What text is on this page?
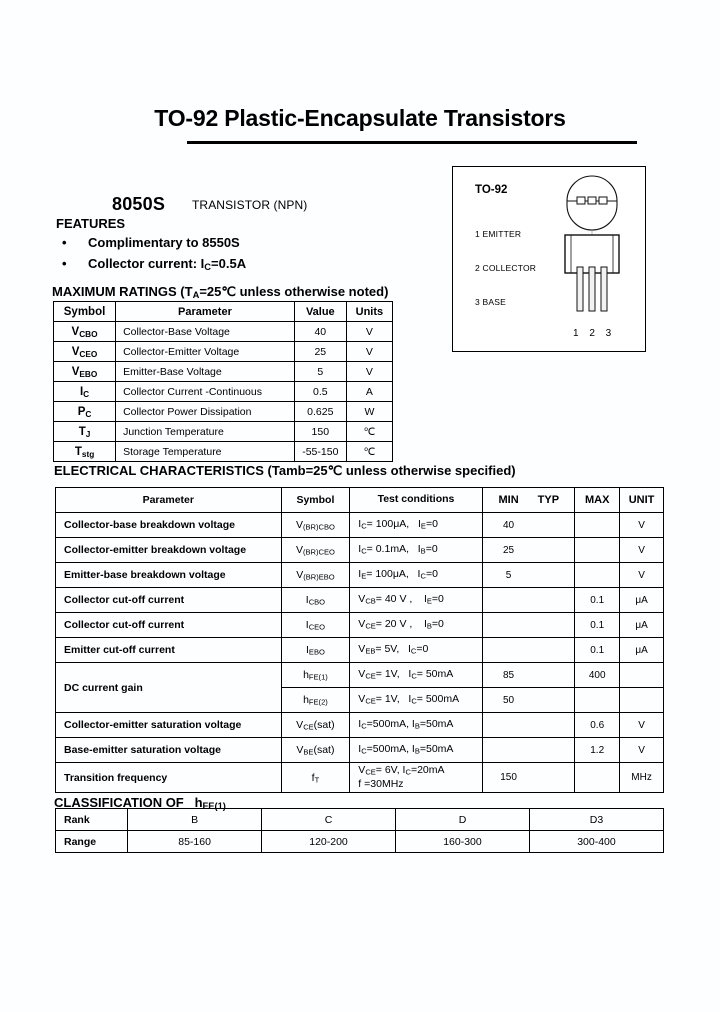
TO-92 Plastic-Encapsulate Transistors
8050S TRANSISTOR (NPN)
FEATURES
• Complimentary to 8550S
• Collector current: $I_C=0.5A$
TO-92
1 EMITTER
2 COLLECTOR
3 BASE
1 2 3
MAXIMUM RATINGS ($T_A=25℃$ unless otherwise noted)
Symbol	Parameter	Value	Units
$V_{CBO}$	Collector-Base Voltage	40	V
$V_{CEO}$	Collector-Emitter Voltage	25	V
$V_{EBO}$	Emitter-Base Voltage	5	V
$I_C$	Collector Current -Continuous	0.5	A
$P_C$	Collector Power Dissipation	0.625	W
$T_J$	Junction Temperature	150	℃
$T_{stg}$	Storage Temperature	-55-150	℃
ELECTRICAL CHARACTERISTICS (Tamb=25℃ unless otherwise specified)
Parameter	Symbol	Test conditions	MIN TYP	MAX	UNIT
Collector-base breakdown voltage	$V_{(BR)CBO}$	$I_C= 100\mu A$,   $I_E=0$	40		V
Collector-emitter breakdown voltage	$V_{(BR)CEO}$	$I_C= 0.1mA$,   $I_B=0$	25		V
Emitter-base breakdown voltage	$V_{(BR)EBO}$	$I_E= 100\mu A$,   $I_C=0$	5		V
Collector cut-off current	$I_{CBO}$	$V_{CB}= 40$ V ,    $I_E=0$		0.1	μA
Collector cut-off current	$I_{CEO}$	$V_{CE}= 20$ V ,    $I_B=0$		0.1	μA
Emitter cut-off current	$I_{EBO}$	$V_{EB}= 5V$,   $I_C=0$		0.1	μA
DC current gain	$h_{FE(1)}$	$V_{CE}= 1V$,   $I_C= 50mA$	85	400	
	$h_{FE(2)}$	$V_{CE}= 1V$,   $I_C= 500mA$	50		

Collector-emitter saturation voltage	$V_{CE}(sat)$	$I_C=500mA$, $I_B=50mA$		0.6	V
Base-emitter saturation voltage	$V_{BE}(sat)$	$I_C=500mA$, $I_B=50mA$		1.2	V
Transition frequency	$f_T$	$V_{CE}= 6V$, $I_C=20mA$
f =30MHz	150		MHz
CLASSIFICATION OF   $h_{FE(1)}$
Rank	B	C	D	D3
Range	85-160	120-200	160-300	300-400
